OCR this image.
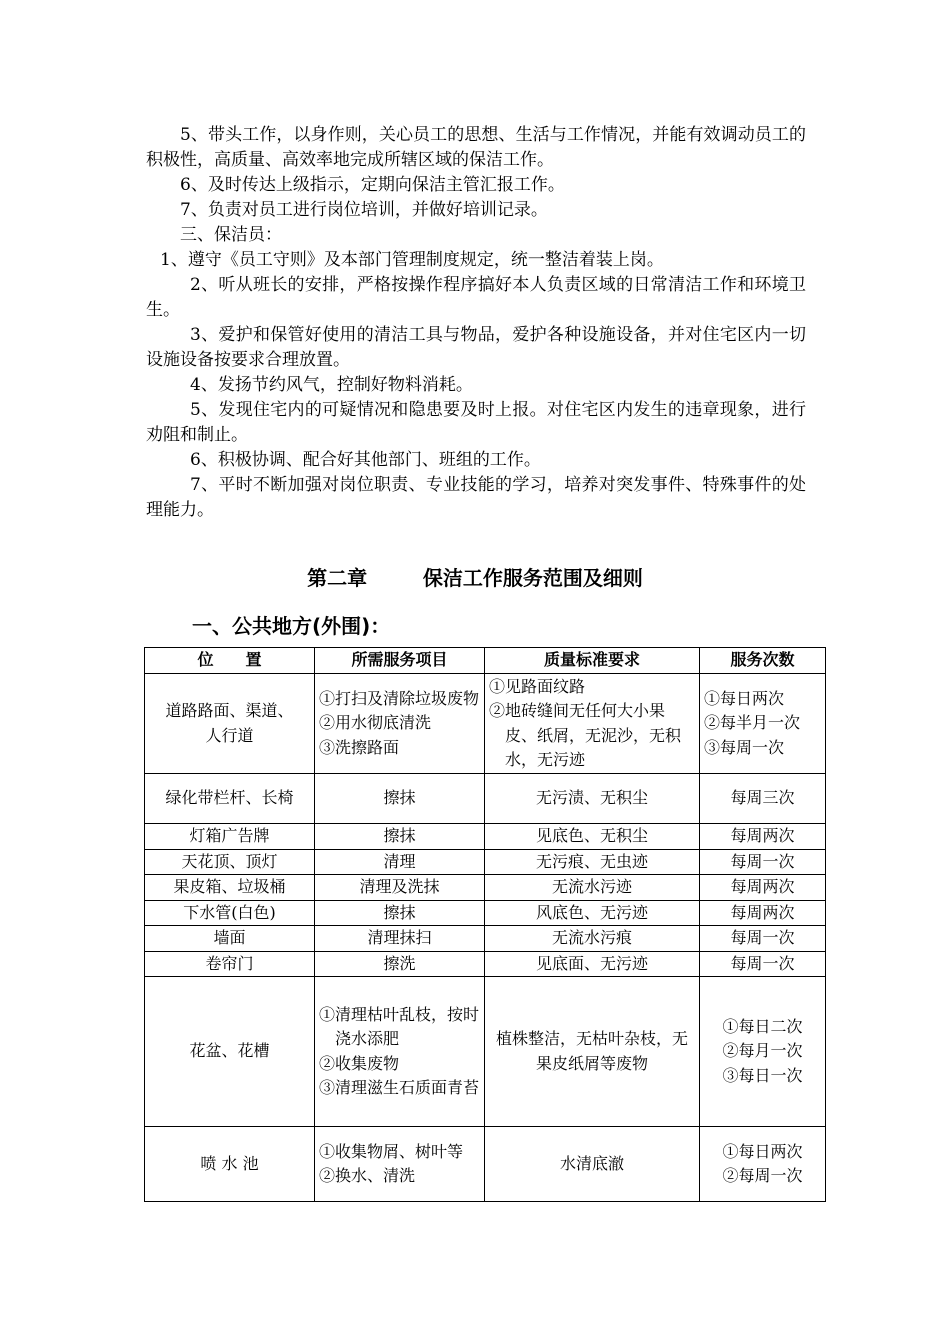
5、带头工作，以身作则，关心员工的思想、生活与工作情况，并能有效调动员工的积极性，高质量、高效率地完成所辖区域的保洁工作。

6、及时传达上级指示，定期向保洁主管汇报工作。

7、负责对员工进行岗位培训，并做好培训记录。

三、保洁员：

1、遵守《员工守则》及本部门管理制度规定，统一整洁着装上岗。

2、听从班长的安排，严格按操作程序搞好本人负责区域的日常清洁工作和环境卫生。

3、爱护和保管好使用的清洁工具与物品，爱护各种设施设备，并对住宅区内一切设施设备按要求合理放置。

4、发扬节约风气，控制好物料消耗。

5、发现住宅内的可疑情况和隐患要及时上报。对住宅区内发生的违章现象，进行劝阻和制止。

6、积极协调、配合好其他部门、班组的工作。

7、平时不断加强对岗位职责、专业技能的学习，培养对突发事件、特殊事件的处理能力。

第二章	保洁工作服务范围及细则
一、公共地方(外围)：
位　　置	所需服务项目	质量标准要求	服务次数
道路路面、渠道、人行道	①打扫及清除垃圾废物
②用水彻底清洗
③洗擦路面	①见路面纹路
②地砖缝间无任何大小果皮、纸屑，无泥沙，无积水，无污迹	①每日两次
②每半月一次
③每周一次

绿化带栏杆、长椅	擦抹	无污渍、无积尘	每周三次

灯箱广告牌	擦抹	见底色、无积尘	每周两次

天花顶、顶灯	清理	无污痕、无虫迹	每周一次

果皮箱、垃圾桶	清理及洗抹	无流水污迹	每周两次

下水管(白色)	擦抹	风底色、无污迹	每周两次

墙面	清理抹扫	无流水污痕	每周一次

卷帘门	擦洗	见底面、无污迹	每周一次

花盆、花槽	①清理枯叶乱枝，按时浇水添肥
②收集废物
③清理滋生石质面青苔	植株整洁，无枯叶杂枝，无果皮纸屑等废物	①每日二次
②每月一次
③每日一次

喷 水 池	①收集物屑、树叶等
②换水、清洗	水清底澈	①每日两次
②每周一次
